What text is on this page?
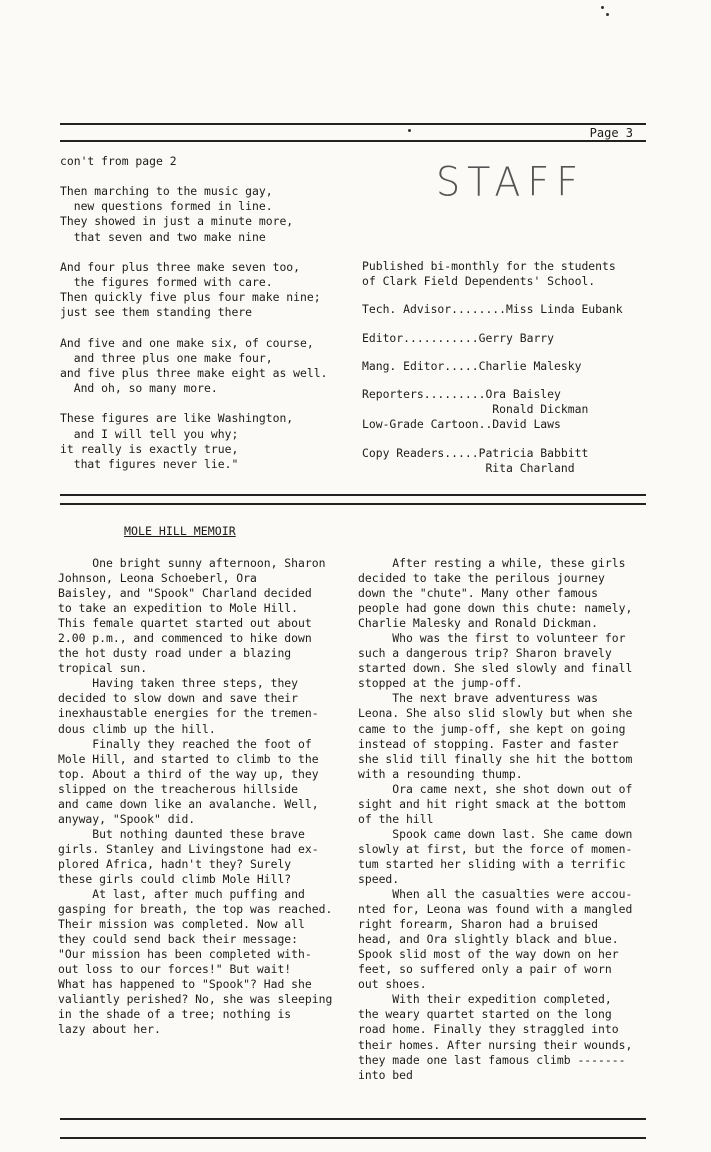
Page 3
con't from page 2

Then marching to the music gay,

new questions formed in line.

They showed in just a minute more,

that seven and two make nine

And four plus three make seven too,

the figures formed with care.

Then quickly five plus four make nine;

just see them standing there

And five and one make six, of course,

and three plus one make four,

and five plus three make eight as well.

And oh, so many more.

These figures are like Washington,

and I will tell you why;

it really is exactly true,

that figures never lie."

STAFF

Published bi-monthly for the students

of Clark Field Dependents' School.

Tech. Advisor........Miss Linda Eubank

Editor...........Gerry Barry

Mang. Editor.....Charlie Malesky

Reporters.........Ora Baisley

Ronald Dickman

Low-Grade Cartoon..David Laws

Copy Readers.....Patricia Babbitt

Rita Charland

MOLE HILL MEMOIR

One bright sunny afternoon, Sharon

Johnson, Leona Schoeberl, Ora

Baisley, and "Spook" Charland decided

to take an expedition to Mole Hill.

This female quartet started out about

2.00 p.m., and commenced to hike down

the hot dusty road under a blazing

tropical sun.

Having taken three steps, they

decided to slow down and save their

inexhaustable energies for the tremen-

dous climb up the hill.

Finally they reached the foot of

Mole Hill, and started to climb to the

top. About a third of the way up, they

slipped on the treacherous hillside

and came down like an avalanche. Well,

anyway, "Spook" did.

But nothing daunted these brave

girls. Stanley and Livingstone had ex-

plored Africa, hadn't they? Surely

these girls could climb Mole Hill?

At last, after much puffing and

gasping for breath, the top was reached.

Their mission was completed. Now all

they could send back their message:

"Our mission has been completed with-

out loss to our forces!" But wait!

What has happened to "Spook"? Had she

valiantly perished? No, she was sleeping

in the shade of a tree; nothing is

lazy about her.

After resting a while, these girls

decided to take the perilous journey

down the "chute". Many other famous

people had gone down this chute: namely,

Charlie Malesky and Ronald Dickman.

Who was the first to volunteer for

such a dangerous trip? Sharon bravely

started down. She sled slowly and finall

stopped at the jump-off.

The next brave adventuress was

Leona. She also slid slowly but when she

came to the jump-off, she kept on going

instead of stopping. Faster and faster

she slid till finally she hit the bottom

with a resounding thump.

Ora came next, she shot down out of

sight and hit right smack at the bottom

of the hill

Spook came down last. She came down

slowly at first, but the force of momen-

tum started her sliding with a terrific

speed.

When all the casualties were accou-

nted for, Leona was found with a mangled

right forearm, Sharon had a bruised

head, and Ora slightly black and blue.

Spook slid most of the way down on her

feet, so suffered only a pair of worn

out shoes.

With their expedition completed,

the weary quartet started on the long

road home. Finally they straggled into

their homes. After nursing their wounds,

they made one last famous climb -------

into bed
